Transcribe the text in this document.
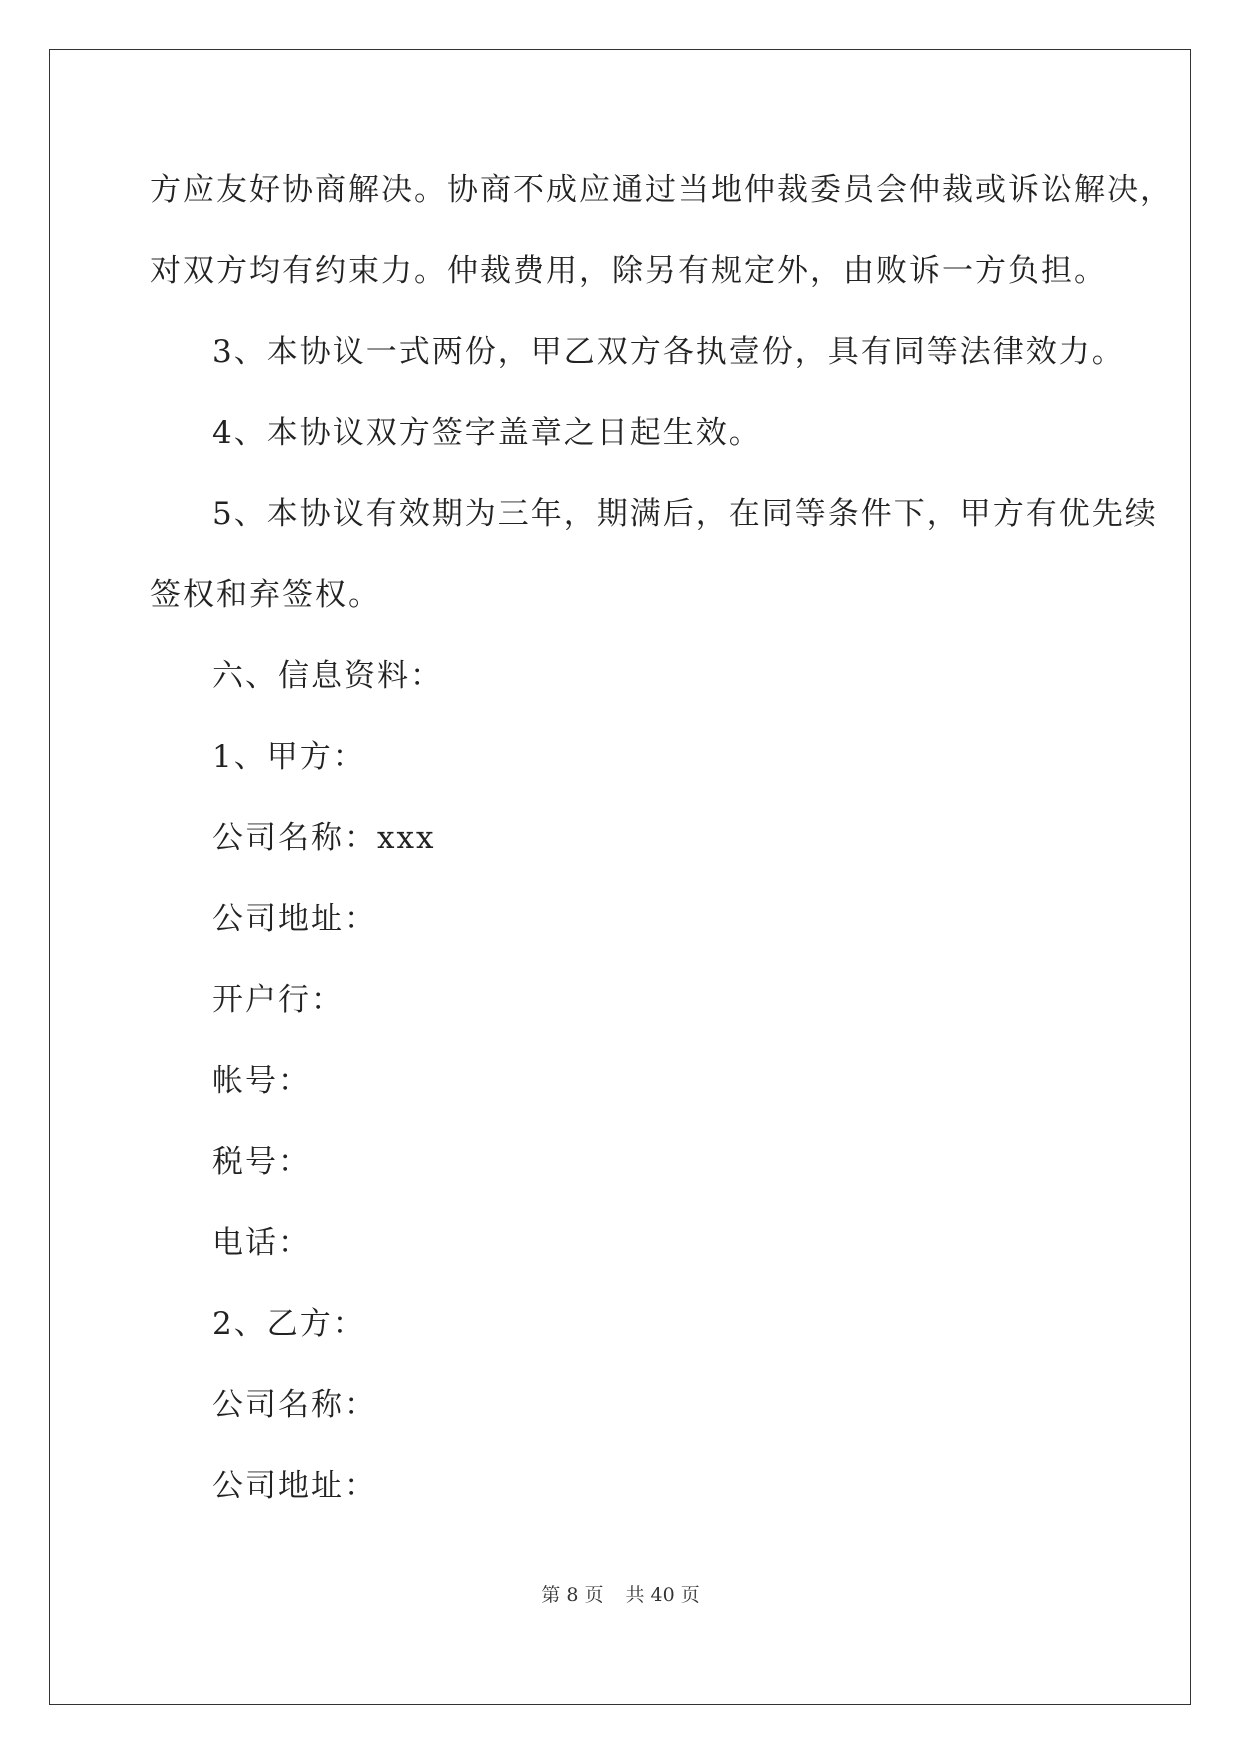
方应友好协商解决。协商不成应通过当地仲裁委员会仲裁或诉讼解决，
对双方均有约束力。仲裁费用，除另有规定外，由败诉一方负担。
3、本协议一式两份，甲乙双方各执壹份，具有同等法律效力。
4、本协议双方签字盖章之日起生效。
5、本协议有效期为三年，期满后，在同等条件下，甲方有优先续
签权和弃签权。
六、信息资料：
1、甲方：
公司名称：xxx
公司地址：
开户行：
帐号：
税号：
电话：
2、乙方：
公司名称：
公司地址：
第 8 页 共 40 页
